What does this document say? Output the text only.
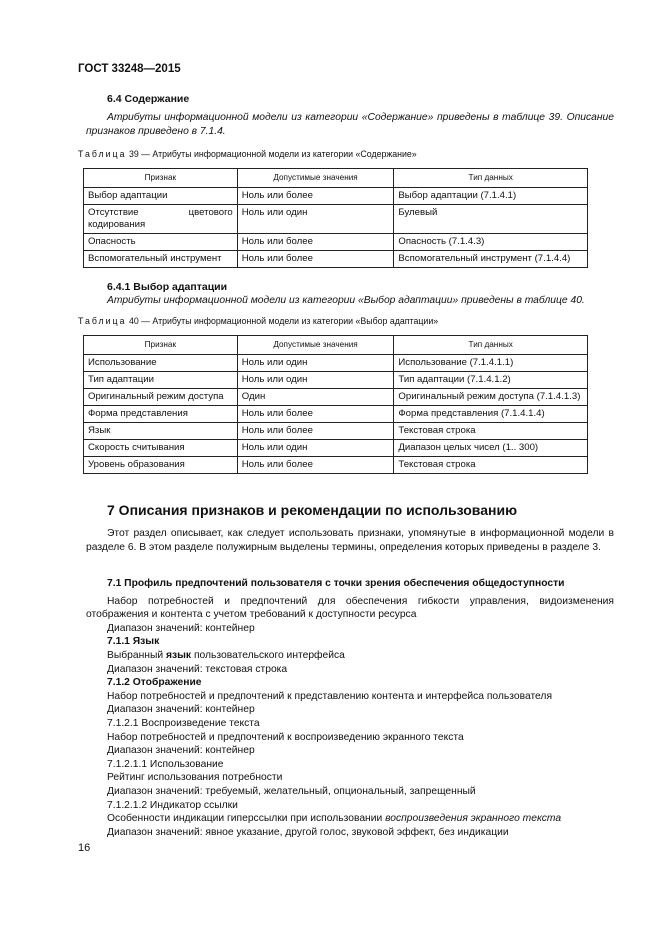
ГОСТ 33248—2015
6.4 Содержание
Атрибуты информационной модели из категории «Содержание» приведены в таблице 39. Описание признаков приведено в 7.1.4.
Таблица 39 — Атрибуты информационной модели из категории «Содержание»
Признак	Допустимые значения	Тип данных
Выбор адаптации	Ноль или более	Выбор адаптации (7.1.4.1)
Отсутствие цветового кодирования	Ноль или один	Булевый
Опасность	Ноль или более	Опасность (7.1.4.3)
Вспомогательный инструмент	Ноль или более	Вспомогательный инструмент (7.1.4.4)
6.4.1 Выбор адаптации
Атрибуты информационной модели из категории «Выбор адаптации» приведены в таблице 40.
Таблица 40 — Атрибуты информационной модели из категории «Выбор адаптации»
Признак	Допустимые значения	Тип данных
Использование	Ноль или один	Использование (7.1.4.1.1)
Тип адаптации	Ноль или один	Тип адаптации (7.1.4.1.2)
Оригинальный режим доступа	Один	Оригинальный режим доступа (7.1.4.1.3)
Форма представления	Ноль или более	Форма представления (7.1.4.1.4)
Язык	Ноль или более	Текстовая строка
Скорость считывания	Ноль или один	Диапазон целых чисел (1.. 300)
Уровень образования	Ноль или более	Текстовая строка
7 Описания признаков и рекомендации по использованию

Этот раздел описывает, как следует использовать признаки, упомянутые в информационной модели в разделе 6. В этом разделе полужирным выделены термины, определения которых приведены в разделе 3.

7.1 Профиль предпочтений пользователя с точки зрения обеспечения общедоступности

Набор потребностей и предпочтений для обеспечения гибкости управления, видоизменения отображения и контента с учетом требований к доступности ресурса

Диапазон значений: контейнер

7.1.1 Язык

Выбранный язык пользовательского интерфейса

Диапазон значений: текстовая строка

7.1.2 Отображение

Набор потребностей и предпочтений к представлению контента и интерфейса пользователя

Диапазон значений: контейнер

7.1.2.1 Воспроизведение текста

Набор потребностей и предпочтений к воспроизведению экранного текста

Диапазон значений: контейнер

7.1.2.1.1 Использование

Рейтинг использования потребности

Диапазон значений: требуемый, желательный, опциональный, запрещенный

7.1.2.1.2 Индикатор ссылки

Особенности индикации гиперссылки при использовании воспроизведения экранного текста

Диапазон значений: явное указание, другой голос, звуковой эффект, без индикации

16
